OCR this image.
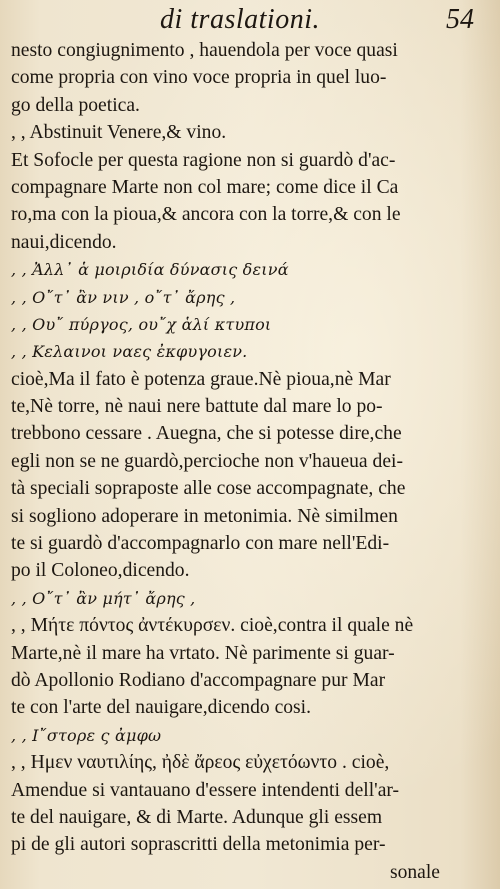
di traslationi.	54
nesto congiugnimento , hauendola per voce quasi
come propria con vino voce propria in quel luo-
go della poetica.
, , Abstinuit Venere,& vino.
Et Sofocle per questa ragione non si guardò d'ac-
compagnare Marte non col mare; come dice il Ca
ro,ma con la pioua,& ancora con la torre,& con le
naui,dicendo.
, , Ἀλλ᾽ ἁ μοιριδία δύνασις δεινά
, , Ο῎τ᾽ ἂν νιν , ο῎τ᾽ ἄρης ,
, , Ου῎ πύργος, ου῎χ ἁλί κτυποι
, , Κελαινοι ναες ἐκφυγοιεν.
cioè,Ma il fato è potenza graue.Nè pioua,nè Mar
te,Nè torre, nè naui nere battute dal mare lo po-
trebbono cessare . Auegna, che si potesse dire,che
egli non se ne guardò,percioche non v'haueua dei-
tà speciali soprapostе alle cose accompagnate, che
si sogliono adoperare in metonimia. Nè similmen
te si guardò d'accompagnarlo con mare nell'Edi-
po il Coloneo,dicendo.
, , Ο῎τ᾽ ἂν μήτ᾽ ἄρης ,
, , Μήτε πόντος ἀντέκυρσεν. cioè,contra il quale nè
Marte,nè il mare ha vrtato. Nè parimente si guar-
dò Apollonio Rodiano d'accompagnare pur Mar
te con l'arte del nauigare,dicendo cosi.
, , Ι῎στορε ς ἀμφω
, , Ημεν ναυτιλίης, ἠδὲ ἄρεος εὐχετόωντο . cioè,
Amendue si vantauano d'essere intendenti dell'ar-
te del nauigare, & di Marte. Adunque gli essem
pi de gli autori soprascritti della metonimia per-
sonale
